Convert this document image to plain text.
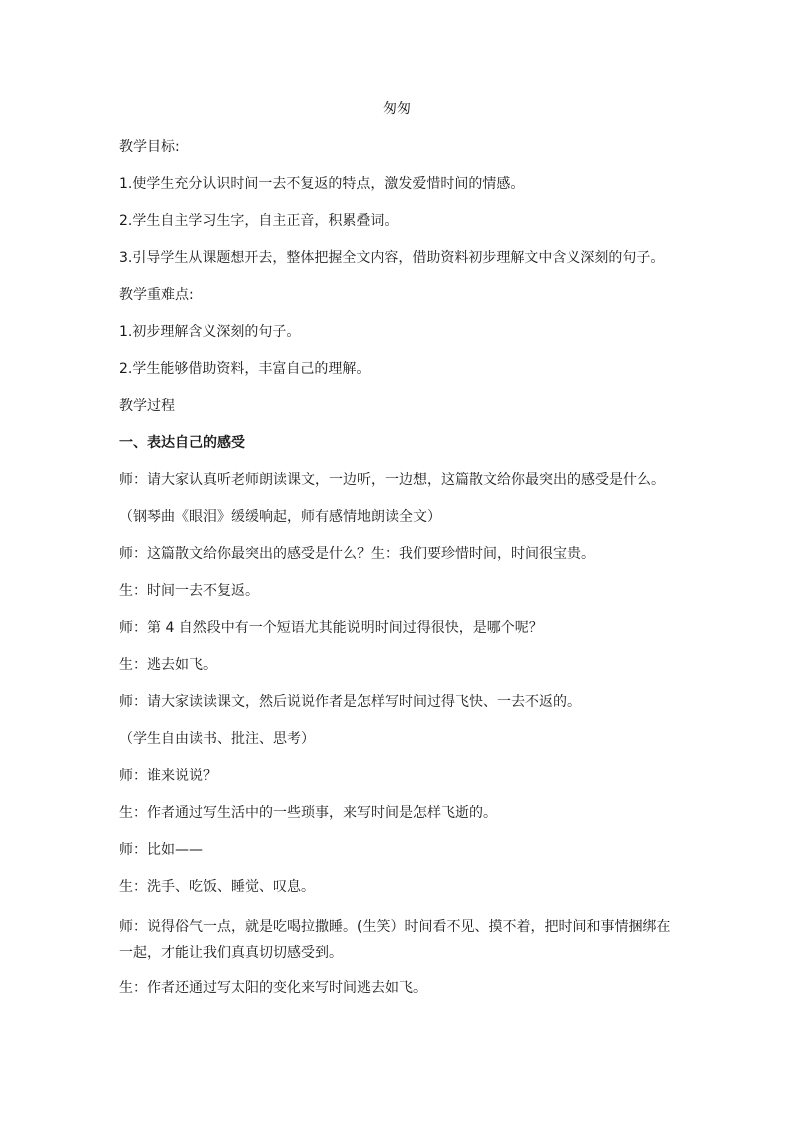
匆匆
教学目标:
1.使学生充分认识时间一去不复返的特点，激发爱惜时间的情感。
2.学生自主学习生字，自主正音，积累叠词。
3.引导学生从课题想开去，整体把握全文内容，借助资料初步理解文中含义深刻的句子。
教学重难点:
1.初步理解含义深刻的句子。
2.学生能够借助资料，丰富自己的理解。
教学过程
一、表达自己的感受
师：请大家认真听老师朗读课文，一边听，一边想，这篇散文给你最突出的感受是什么。
（钢琴曲《眼泪》缓缓响起，师有感情地朗读全文）
师：这篇散文给你最突出的感受是什么？生：我们要珍惜时间，时间很宝贵。
生：时间一去不复返。
师：第 4 自然段中有一个短语尤其能说明时间过得很快，是哪个呢？
生：逃去如飞。
师：请大家读读课文，然后说说作者是怎样写时间过得飞快、一去不返的。
（学生自由读书、批注、思考）
师：谁来说说？
生：作者通过写生活中的一些琐事，来写时间是怎样飞逝的。
师：比如——
生：洗手、吃饭、睡觉、叹息。
师：说得俗气一点，就是吃喝拉撒睡。(生笑）时间看不见、摸不着，把时间和事情捆绑在一起，才能让我们真真切切感受到。
生：作者还通过写太阳的变化来写时间逃去如飞。
